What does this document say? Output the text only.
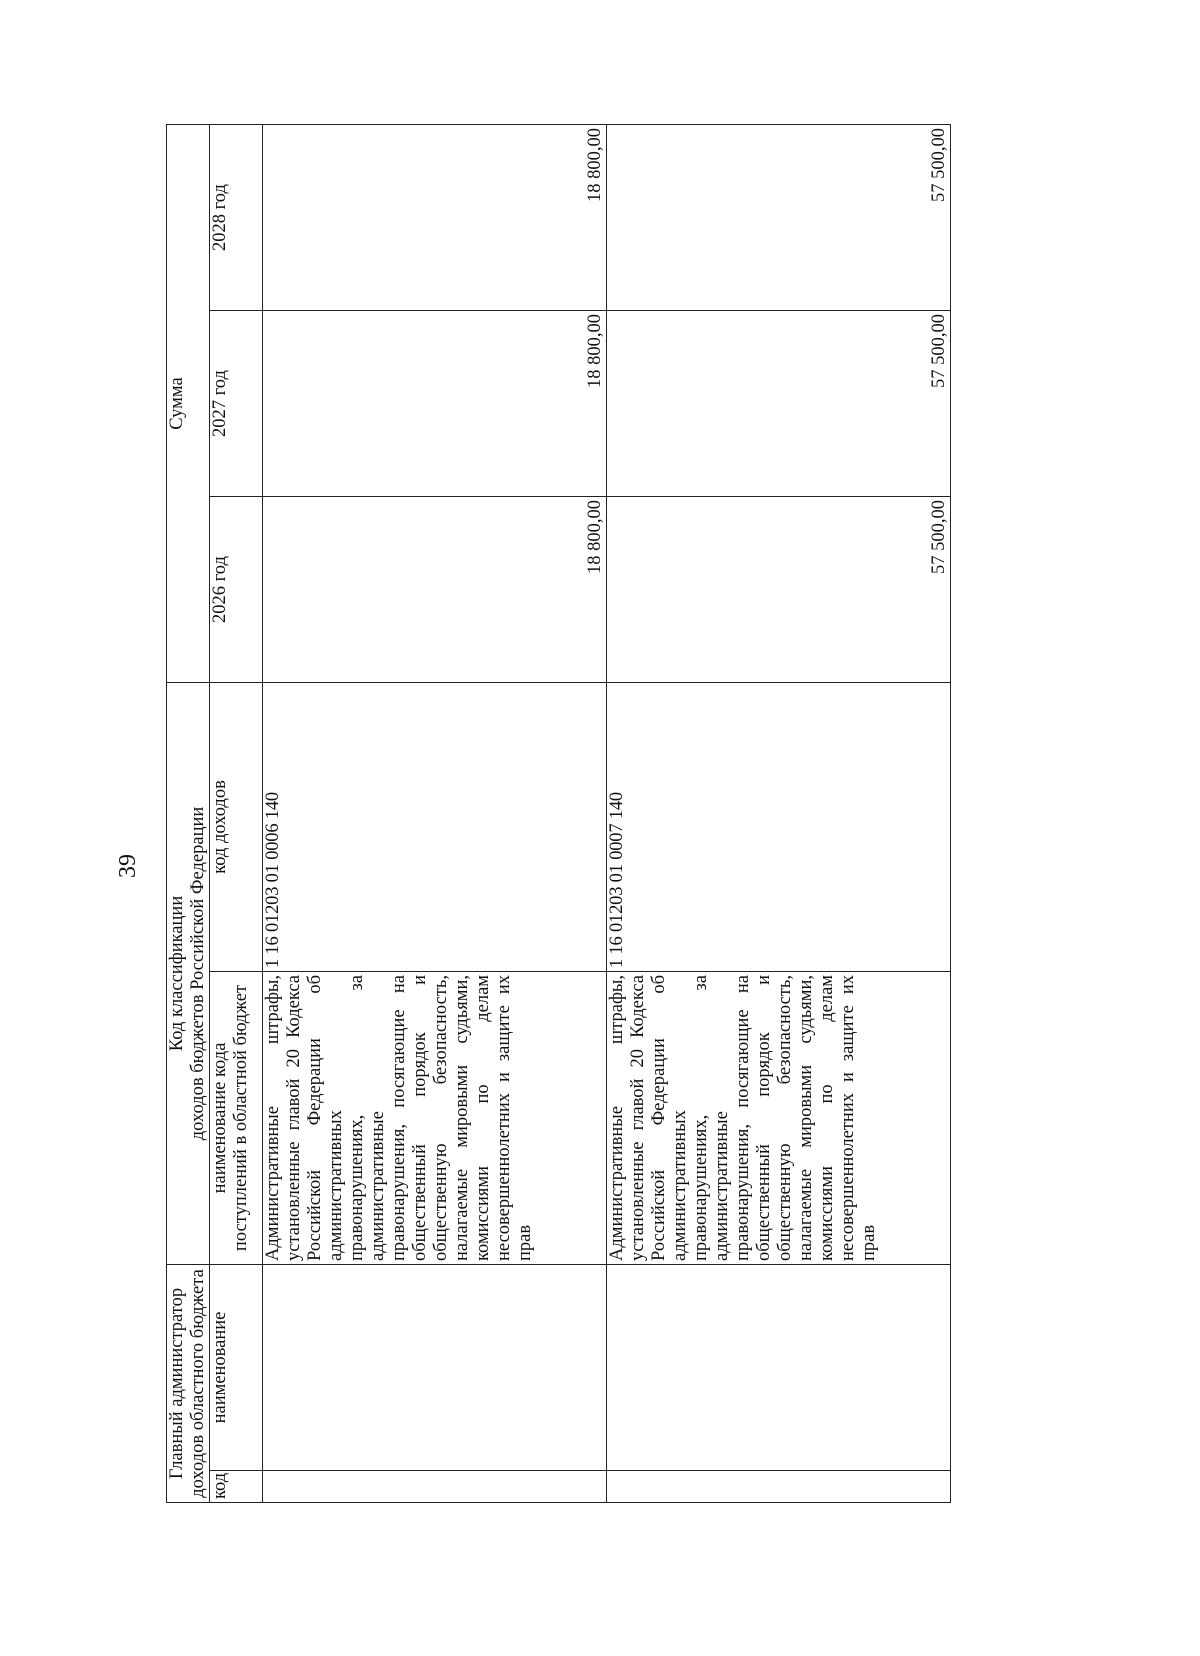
39
Главный администратор доходов областного бюджета		Код классификации доходов бюджетов Российской Федерации		Сумма		
код	наименование	наименование кода поступлений в областной бюджет	код доходов	2026 год	2027 год	2028 год
		Административные штрафы, установленные главой 20 Кодекса Российской Федерации об административных правонарушениях, за административные правонарушения, посягающие на общественный порядок и общественную безопасность, налагаемые мировыми судьями, комиссиями по делам несовершеннолетних и защите их прав	1 16 01203 01 0006 140	18 800,00	18 800,00	18 800,00
		Административные штрафы, установленные главой 20 Кодекса Российской Федерации об административных правонарушениях, за административные правонарушения, посягающие на общественный порядок и общественную безопасность, налагаемые мировыми судьями, комиссиями по делам несовершеннолетних и защите их прав	1 16 01203 01 0007 140	57 500,00	57 500,00	57 500,00
